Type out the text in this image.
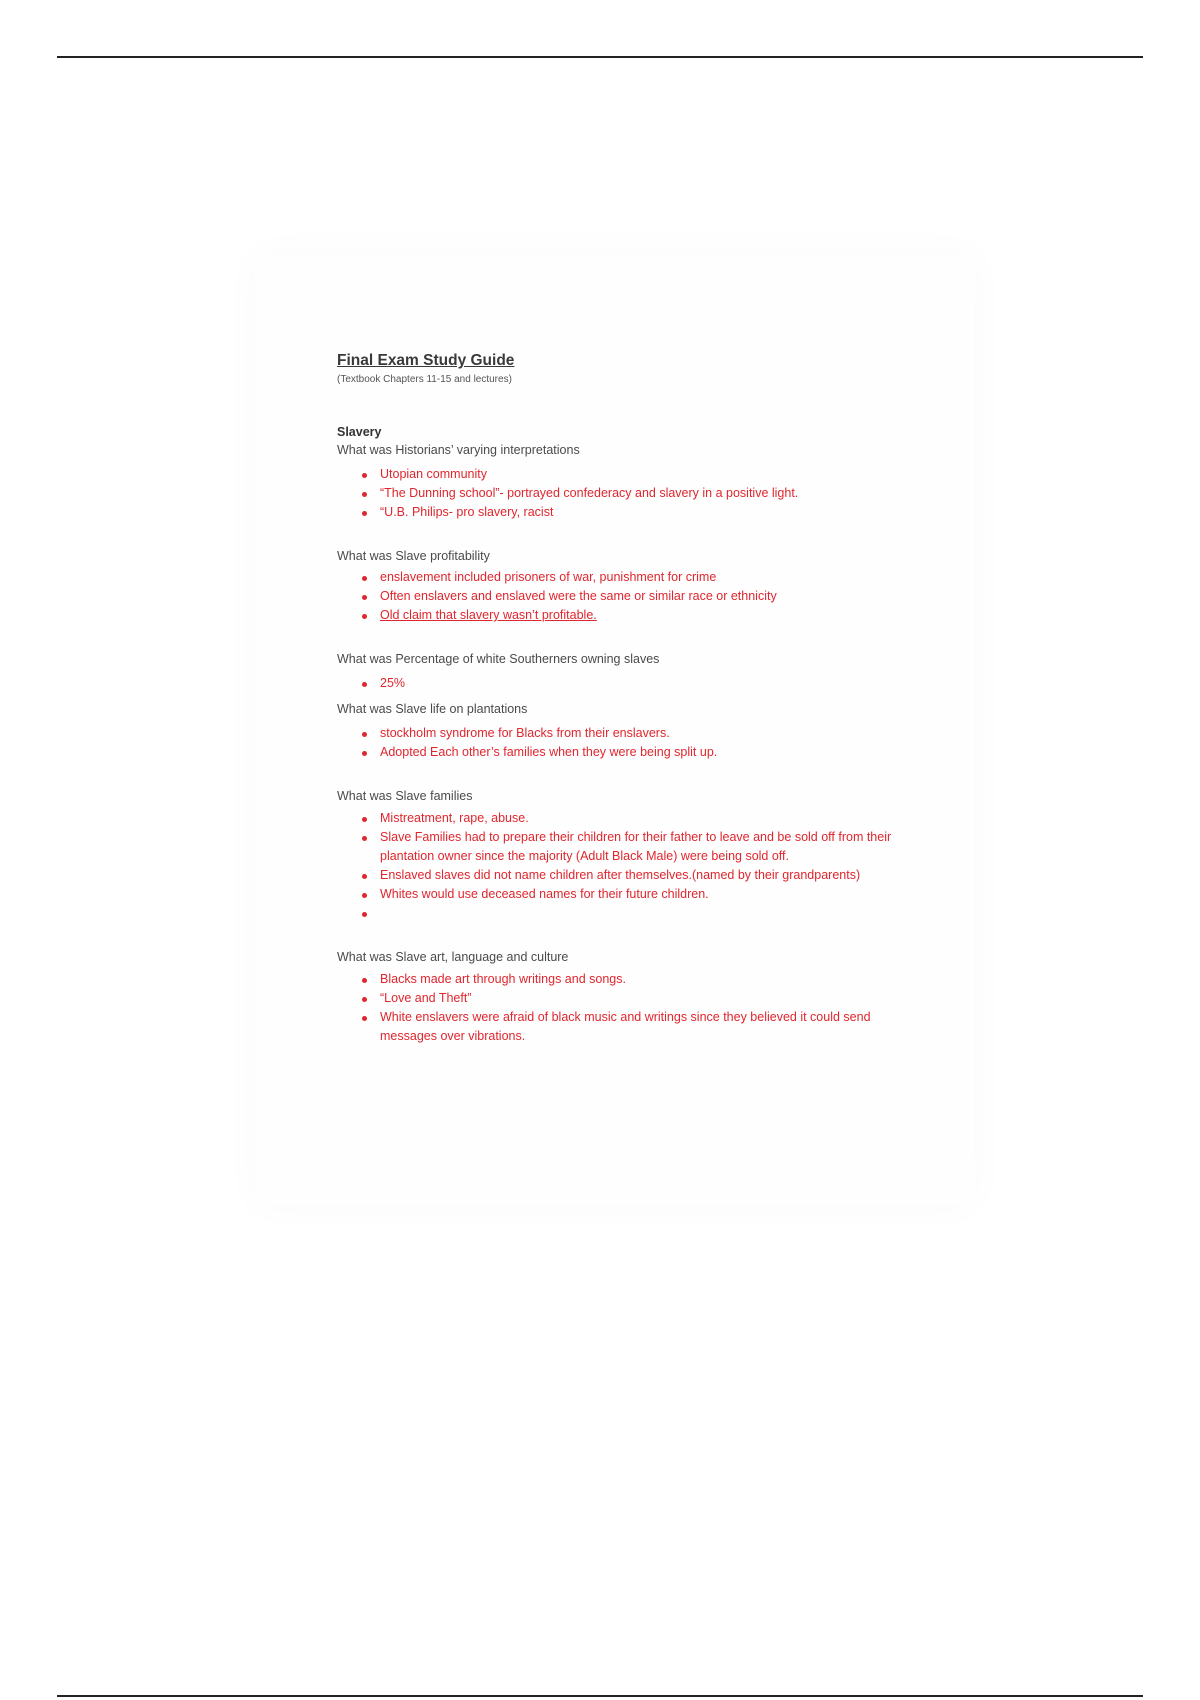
Final Exam Study Guide

(Textbook Chapters 11-15 and lectures)

Slavery

What was Historians’ varying interpretations

Utopian community
“The Dunning school”- portrayed confederacy and slavery in a positive light.
“U.B. Philips- pro slavery, racist

What was Slave profitability

enslavement included prisoners of war, punishment for crime
Often enslavers and enslaved were the same or similar race or ethnicity
Old claim that slavery wasn’t profitable.

What was Percentage of white Southerners owning slaves

25%

What was Slave life on plantations

stockholm syndrome for Blacks from their enslavers.
Adopted Each other’s families when they were being split up.

What was Slave families

Mistreatment, rape, abuse.
Slave Families had to prepare their children for their father to leave and be sold off from their plantation owner since the majority (Adult Black Male) were being sold off.
Enslaved slaves did not name children after themselves.(named by their grandparents)
Whites would use deceased names for their future children.

What was Slave art, language and culture

Blacks made art through writings and songs.
“Love and Theft”
White enslavers were afraid of black music and writings since they believed it could send messages over vibrations.
